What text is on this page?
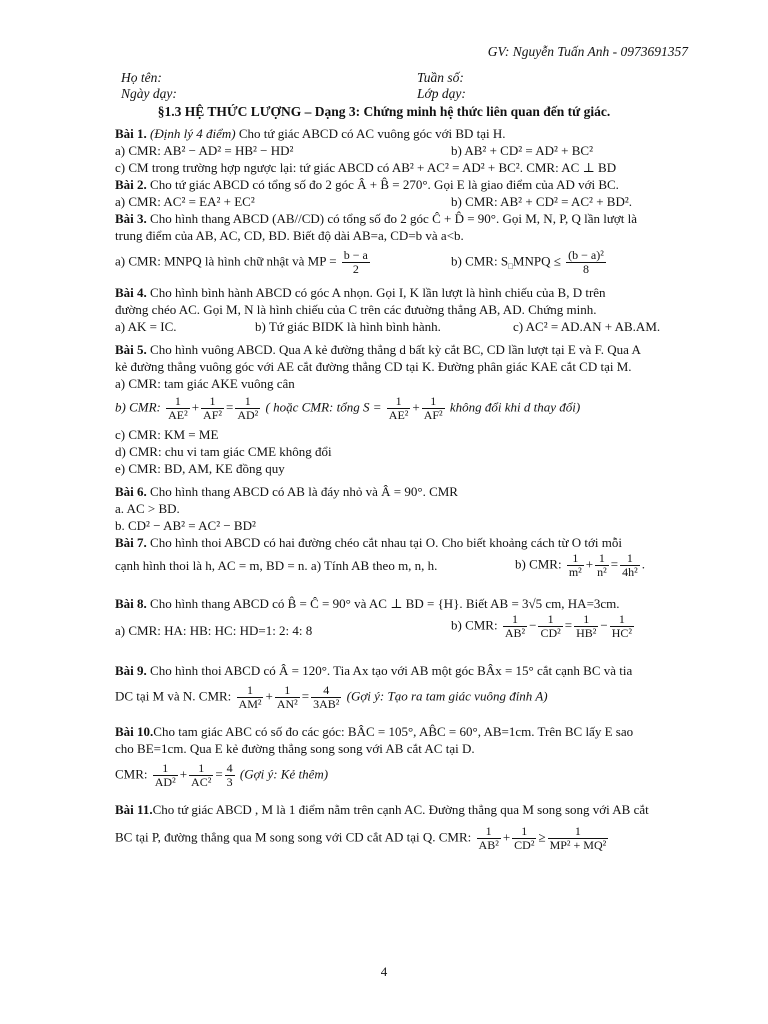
GV: Nguyễn Tuấn Anh - 0973691357
Họ tên:	Tuần số:
Ngày dạy:	Lớp dạy:
§1.3 HỆ THỨC LƯỢNG – Dạng 3: Chứng minh hệ thức liên quan đến tứ giác.
Bài 1. (Định lý 4 điểm) Cho tứ giác ABCD có AC vuông góc với BD tại H.
a) CMR: AB² − AD² = HB² − HD²	b) AB² + CD² = AD² + BC²
c) CM trong trường hợp ngược lại: tứ giác ABCD có AB² + AC² = AD² + BC². CMR: AC ⊥ BD
Bài 2. Cho tứ giác ABCD có tổng số đo 2 góc Â + B̂ = 270°. Gọi E là giao điểm của AD với BC.
a) CMR: AC² = EA² + EC²	b) CMR: AB² + CD² = AC² + BD².
Bài 3. Cho hình thang ABCD (AB//CD) có tổng số đo 2 góc Ĉ + D̂ = 90°. Gọi M, N, P, Q lần lượt là
trung điểm của AB, AC, CD, BD. Biết độ dài AB=a, CD=b và a<b.
a) CMR: MNPQ là hình chữ nhật và MP = $\frac{b - a}{2}$	b) CMR: $S_□MNPQ \le \frac{\text{(b − a)²}}{8}$
Bài 4. Cho hình bình hành ABCD có góc A nhọn. Gọi I, K lần lượt là hình chiếu của B, D trên
đường chéo AC. Gọi M, N là hình chiếu của C trên các đưuờng thẳng AB, AD. Chứng minh.
a) AK = IC.	b) Tứ giác BIDK là hình bình hành.	c) AC² = AD.AN + AB.AM.
Bài 5. Cho hình vuông ABCD. Qua A kẻ đường thẳng d bất kỳ cắt BC, CD lần lượt tại E và F. Qua A
kẻ đường thẳng vuông góc với AE cắt đường thẳng CD tại K. Đường phân giác KAE cắt CD tại M.
a) CMR: tam giác AKE vuông cân
b) CMR: $\frac{1}{\text{AE²}} + \frac{1}{\text{AF²}} = \frac{1}{\text{AD²}}$ ( hoặc CMR: tổng $S = \frac{1}{\text{AE²}} + \frac{1}{\text{AF²}}$ không đổi khi d thay đổi)
c) CMR: KM = ME
d) CMR: chu vi tam giác CME không đổi
e) CMR: BD, AM, KE đồng quy
Bài 6. Cho hình thang ABCD có AB là đáy nhỏ và Â = 90°. CMR
a. AC > BD.
b. CD² − AB² = AC² − BD²
Bài 7. Cho hình thoi ABCD có hai đường chéo cắt nhau tại O. Cho biết khoảng cách từ O tới mỗi
cạnh hình thoi là h, AC = m, BD = n. a) Tính AB theo m, n, h.	b) CMR: $\frac{1}{\text{m²}} + \frac{1}{\text{n²}} = \frac{1}{\text{4h²}}$ .
Bài 8. Cho hình thang ABCD có B̂ = Ĉ = 90° và AC ⊥ BD = {H}. Biết AB = 3√5 cm, HA=3cm.
a) CMR: HA: HB: HC: HD=1: 2: 4: 8	b) CMR: $\frac{1}{\text{AB²}} - \frac{1}{\text{CD²}} = \frac{1}{\text{HB²}} - \frac{1}{\text{HC²}}$
Bài 9. Cho hình thoi ABCD có Â = 120°. Tia Ax tạo với AB một góc BÂx = 15° cắt cạnh BC và tia
DC tại M và N. CMR: $\frac{1}{\text{AM²}} + \frac{1}{\text{AN²}} = \frac{4}{\text{3AB²}}$ (Gợi ý: Tạo ra tam giác vuông đỉnh A)
Bài 10.Cho tam giác ABC có số đo các góc: BÂC = 105°, AB̂C = 60°, AB=1cm. Trên BC lấy E sao
cho BE=1cm. Qua E kẻ đường thẳng song song với AB cắt AC tại D.
CMR: $\frac{1}{\text{AD²}} + \frac{1}{\text{AC²}} = \frac{4}{3}$ (Gợi ý: Kẻ thêm)
Bài 11.Cho tứ giác ABCD , M là 1 điểm nằm trên cạnh AC. Đường thẳng qua M song song với AB cắt
BC tại P, đường thẳng qua M song song với CD cắt AD tại Q. CMR: $\frac{1}{\text{AB²}} + \frac{1}{\text{CD²}} \ge \frac{1}{\text{MP² + MQ²}}$
4
